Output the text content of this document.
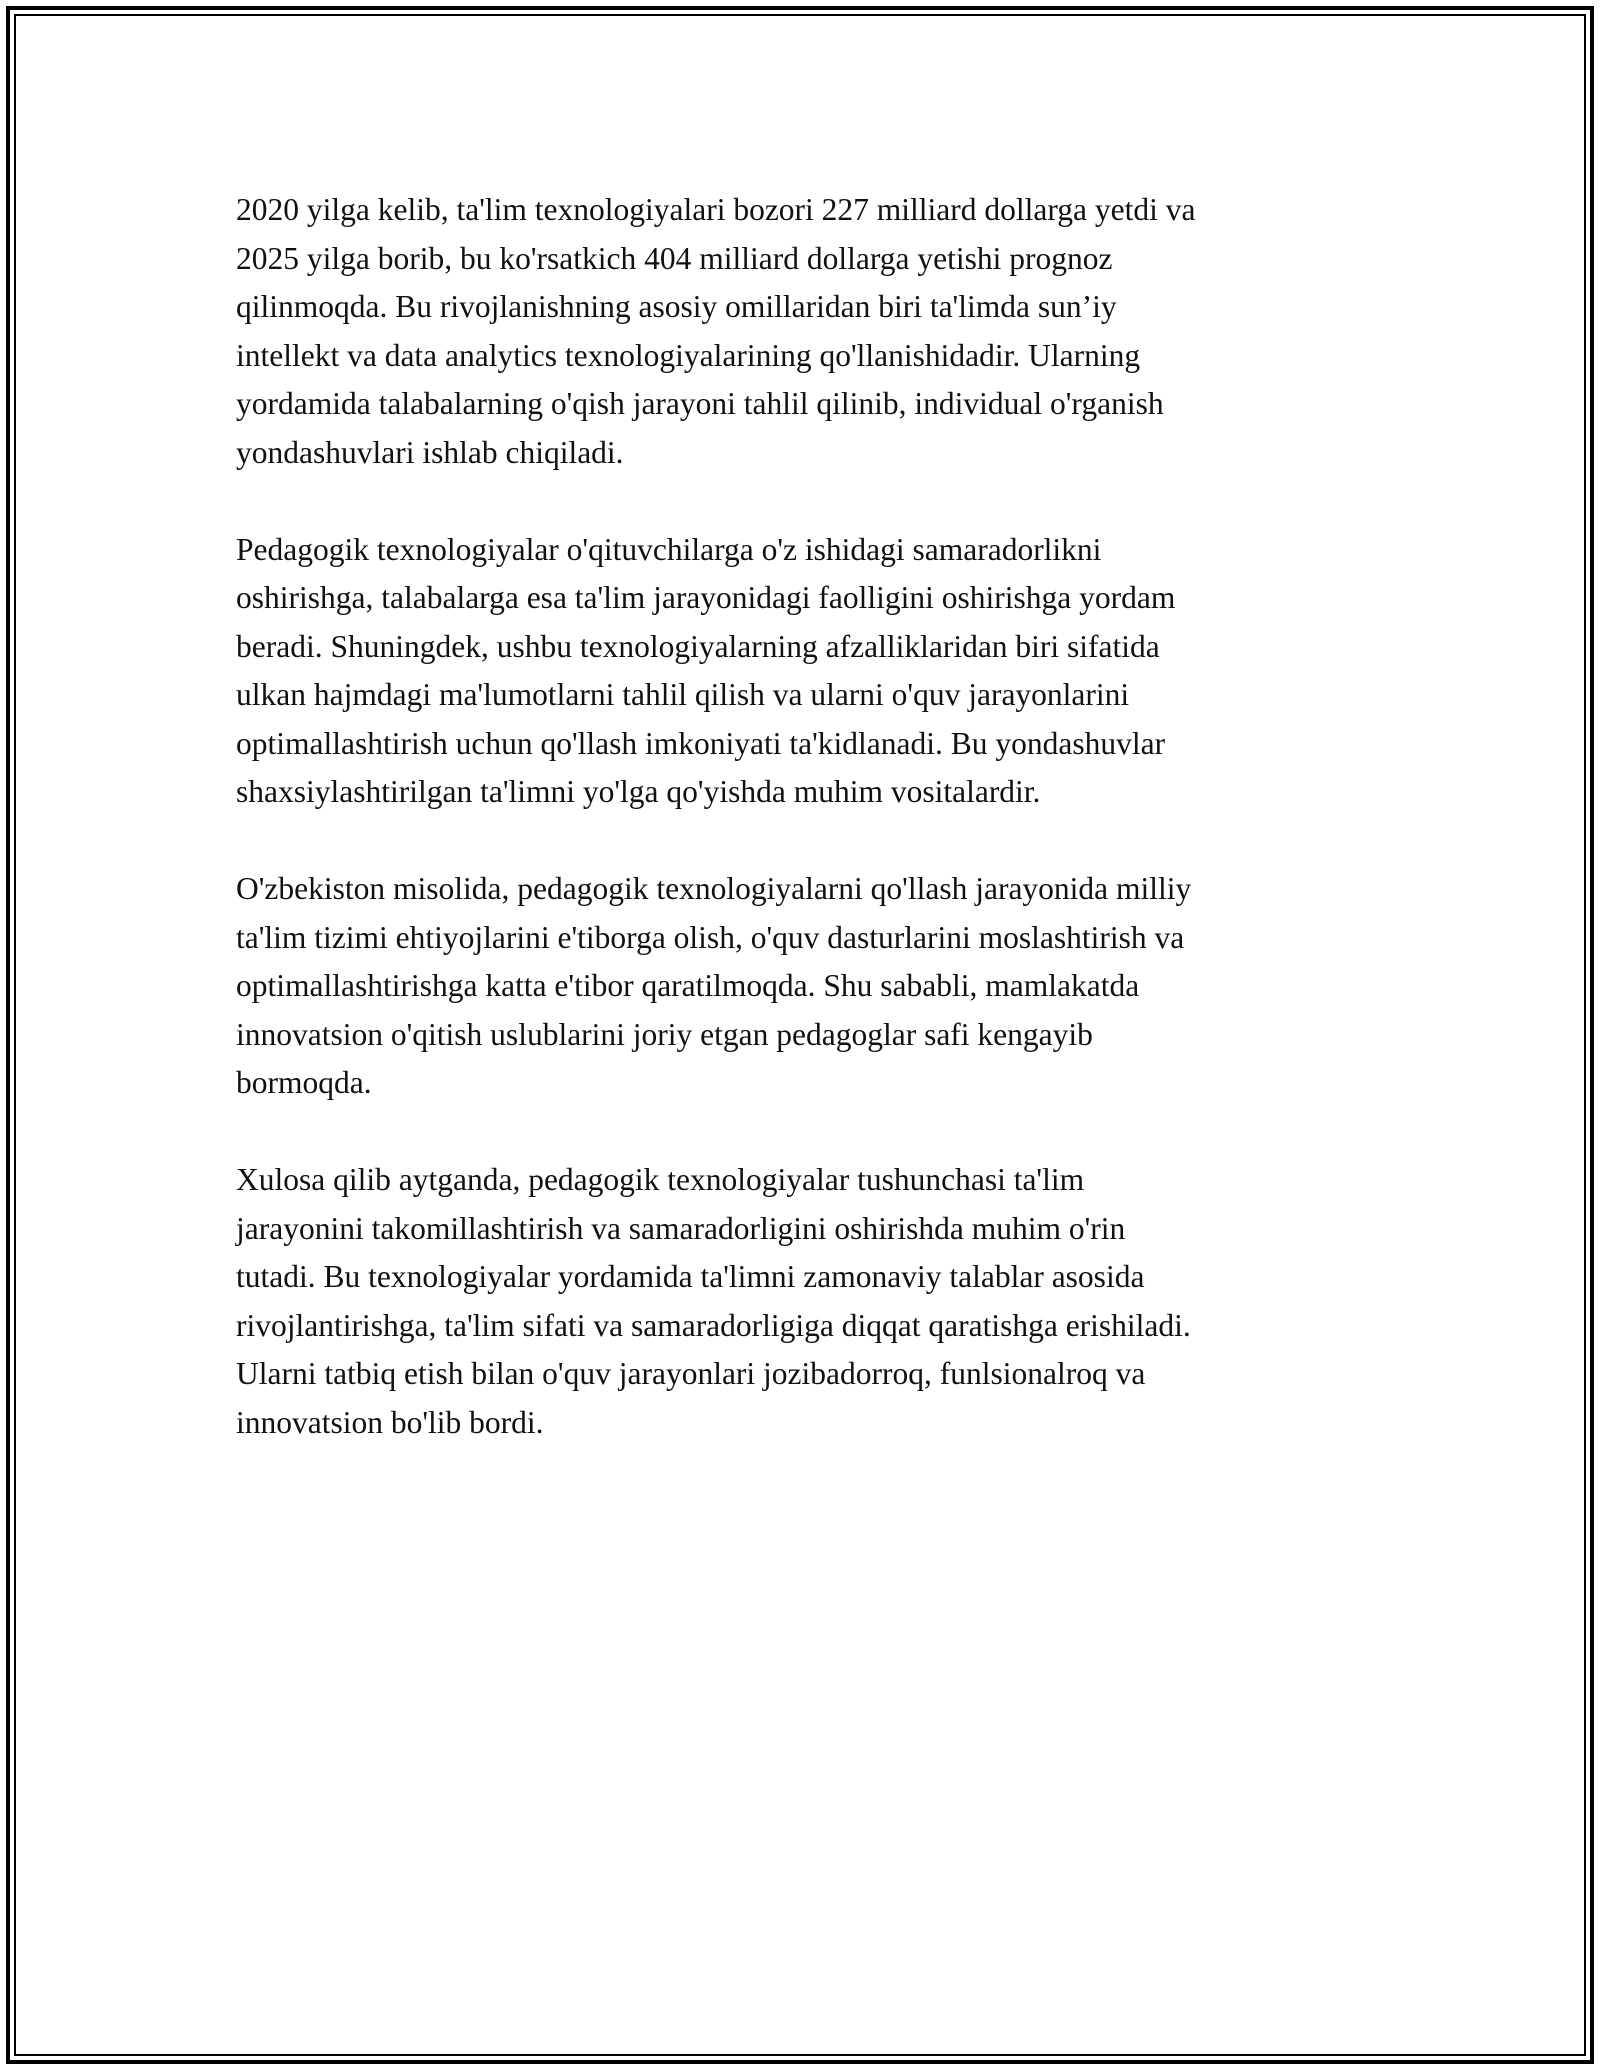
2020 yilga kelib, ta'lim texnologiyalari bozori 227 milliard dollarga yetdi va
2025 yilga borib, bu ko'rsatkich 404 milliard dollarga yetishi prognoz
qilinmoqda. Bu rivojlanishning asosiy omillaridan biri ta'limda sun’iy
intellekt va data analytics texnologiyalarining qo'llanishidadir. Ularning
yordamida talabalarning o'qish jarayoni tahlil qilinib, individual o'rganish
yondashuvlari ishlab chiqiladi.

Pedagogik texnologiyalar o'qituvchilarga o'z ishidagi samaradorlikni
oshirishga, talabalarga esa ta'lim jarayonidagi faolligini oshirishga yordam
beradi. Shuningdek, ushbu texnologiyalarning afzalliklaridan biri sifatida
ulkan hajmdagi ma'lumotlarni tahlil qilish va ularni o'quv jarayonlarini
optimallashtirish uchun qo'llash imkoniyati ta'kidlanadi. Bu yondashuvlar
shaxsiylashtirilgan ta'limni yo'lga qo'yishda muhim vositalardir.

O'zbekiston misolida, pedagogik texnologiyalarni qo'llash jarayonida milliy
ta'lim tizimi ehtiyojlarini e'tiborga olish, o'quv dasturlarini moslashtirish va
optimallashtirishga katta e'tibor qaratilmoqda. Shu sababli, mamlakatda
innovatsion o'qitish uslublarini joriy etgan pedagoglar safi kengayib
bormoqda.

Xulosa qilib aytganda, pedagogik texnologiyalar tushunchasi ta'lim
jarayonini takomillashtirish va samaradorligini oshirishda muhim o'rin
tutadi. Bu texnologiyalar yordamida ta'limni zamonaviy talablar asosida
rivojlantirishga, ta'lim sifati va samaradorligiga diqqat qaratishga erishiladi.
Ularni tatbiq etish bilan o'quv jarayonlari jozibadorroq, funlsionalroq va
innovatsion bo'lib bordi.
